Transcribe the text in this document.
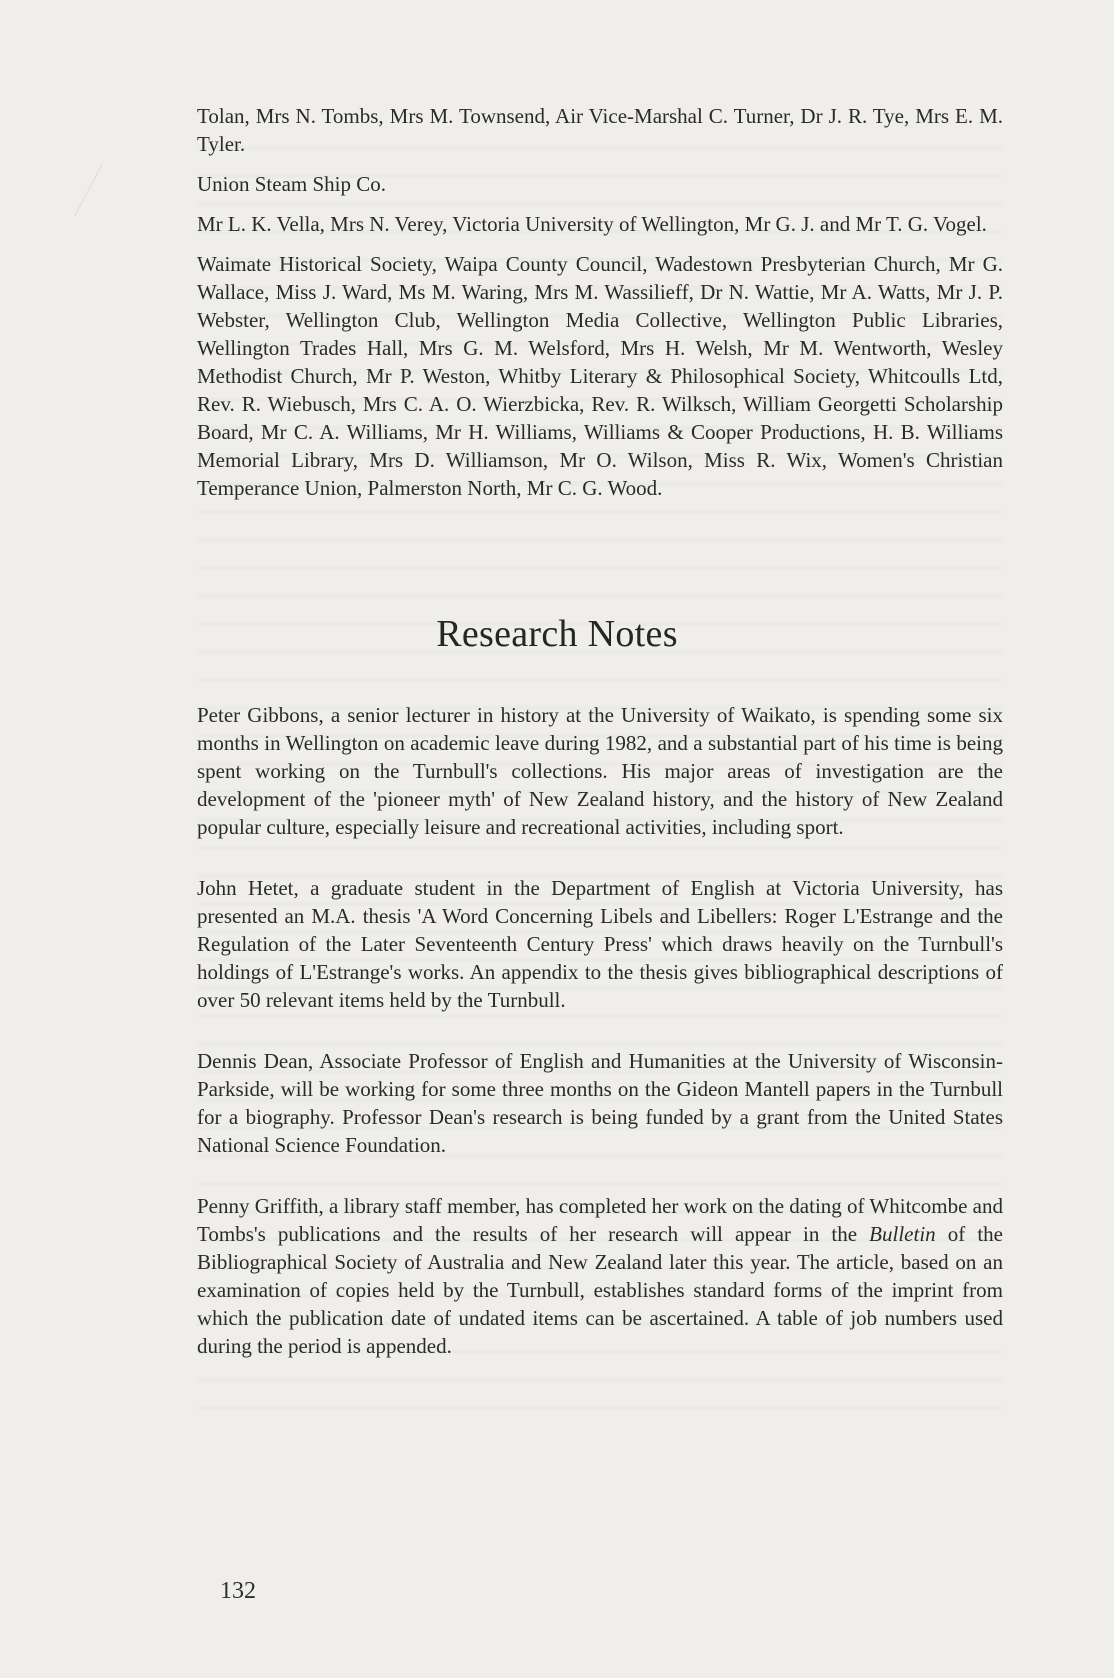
Tolan, Mrs N. Tombs, Mrs M. Townsend, Air Vice-Marshal C. Turner, Dr J. R. Tye, Mrs E. M. Tyler.

Union Steam Ship Co.

Mr L. K. Vella, Mrs N. Verey, Victoria University of Wellington, Mr G. J. and Mr T. G. Vogel.

Waimate Historical Society, Waipa County Council, Wadestown Presbyterian Church, Mr G. Wallace, Miss J. Ward, Ms M. Waring, Mrs M. Wassilieff, Dr N. Wattie, Mr A. Watts, Mr J. P. Webster, Wellington Club, Wellington Media Collective, Wellington Public Libraries, Wellington Trades Hall, Mrs G. M. Welsford, Mrs H. Welsh, Mr M. Wentworth, Wesley Methodist Church, Mr P. Weston, Whitby Literary & Philosophical Society, Whitcoulls Ltd, Rev. R. Wiebusch, Mrs C. A. O. Wierzbicka, Rev. R. Wilksch, William Georgetti Scholarship Board, Mr C. A. Williams, Mr H. Williams, Williams & Cooper Productions, H. B. Williams Memorial Library, Mrs D. Williamson, Mr O. Wilson, Miss R. Wix, Women's Christian Temperance Union, Palmerston North, Mr C. G. Wood.

Research Notes

Peter Gibbons, a senior lecturer in history at the University of Waikato, is spending some six months in Wellington on academic leave during 1982, and a substantial part of his time is being spent working on the Turnbull's collections. His major areas of investigation are the development of the 'pioneer myth' of New Zealand history, and the history of New Zealand popular culture, especially leisure and recreational activities, including sport.

John Hetet, a graduate student in the Department of English at Victoria University, has presented an M.A. thesis 'A Word Concerning Libels and Libellers: Roger L'Estrange and the Regulation of the Later Seventeenth Century Press' which draws heavily on the Turnbull's holdings of L'Estrange's works. An appendix to the thesis gives bibliographical descriptions of over 50 relevant items held by the Turnbull.

Dennis Dean, Associate Professor of English and Humanities at the University of Wisconsin-Parkside, will be working for some three months on the Gideon Mantell papers in the Turnbull for a biography. Professor Dean's research is being funded by a grant from the United States National Science Foundation.

Penny Griffith, a library staff member, has completed her work on the dating of Whitcombe and Tombs's publications and the results of her research will appear in the Bulletin of the Bibliographical Society of Australia and New Zealand later this year. The article, based on an examination of copies held by the Turnbull, establishes standard forms of the imprint from which the publication date of undated items can be ascertained. A table of job numbers used during the period is appended.

132
